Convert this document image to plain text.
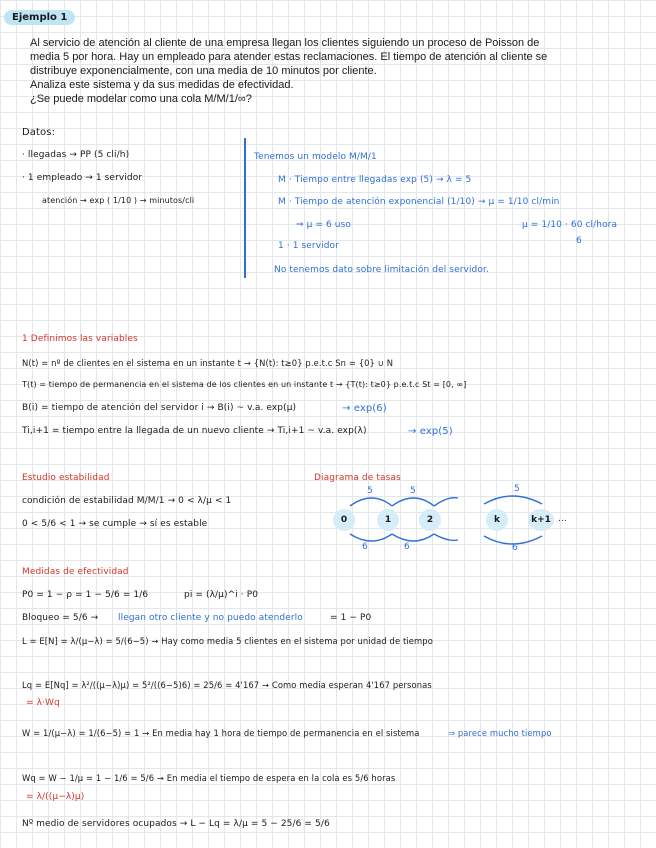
Ejemplo 1
Al servicio de atención al cliente de una empresa llegan los clientes siguiendo un proceso de Poisson de
media 5 por hora. Hay un empleado para atender estas reclamaciones. El tiempo de atención al cliente se
distribuye exponencialmente, con una media de 10 minutos por cliente.
Analiza este sistema y da sus medidas de efectividad.
¿Se puede modelar como una cola M/M/1/∞?
Datos:
· llegadas → PP (5 cli/h)
· 1 empleado → 1 servidor
atención → exp ( 1/10 ) → minutos/cli
Tenemos un modelo M/M/1
M · Tiempo entre llegadas exp (5) → λ = 5
M · Tiempo de atención exponencial (1/10) → μ = 1/10 cl/min
⇒ μ = 6 uso	μ = 1/10 · 60 cl/hora
6
1 · 1 servidor
No tenemos dato sobre limitación del servidor.
1 Definimos las variables
N(t) = nº de clientes en el sistema en un instante t → {N(t): t≥0} p.e.t.c Sn = {0} ∪ N
T(t) = tiempo de permanencia en el sistema de los clientes en un instante t → {T(t): t≥0} p.e.t.c St = [0, ∞]
B(i) = tiempo de atención del servidor i → B(i) ~ v.a. exp(μ)	→ exp(6)
Ti,i+1 = tiempo entre la llegada de un nuevo cliente → Ti,i+1 ~ v.a. exp(λ)	→ exp(5)
Estudio estabilidad
condición de estabilidad M/M/1 → 0 < λ/μ < 1
0 < 5/6 < 1 → se cumple → sí es estable
Diagrama de tasas
0	1	2	k	k+1 ...
5	5	5
6	6	6
Medidas de efectividad
P0 = 1 − ρ = 1 − 5/6 = 1/6	pi = (λ/μ)^i · P0
Bloqueo = 5/6 → llegan otro cliente y no puedo atenderlo	= 1 − P0
L = E[N] = λ/(μ−λ) = 5/(6−5) → Hay como media 5 clientes en el sistema por unidad de tiempo
Lq = E[Nq] = λ²/((μ−λ)μ) = 5²/((6−5)6) = 25/6 = 4'167 → Como media esperan 4'167 personas
= λ·Wq
W = 1/(μ−λ) = 1/(6−5) = 1 → En media hay 1 hora de tiempo de permanencia en el sistema	⇒ parece mucho tiempo
Wq = W − 1/μ = 1 − 1/6 = 5/6 → En media el tiempo de espera en la cola es 5/6 horas
= λ/((μ−λ)μ)
Nº medio de servidores ocupados → L − Lq = λ/μ = 5 − 25/6 = 5/6
